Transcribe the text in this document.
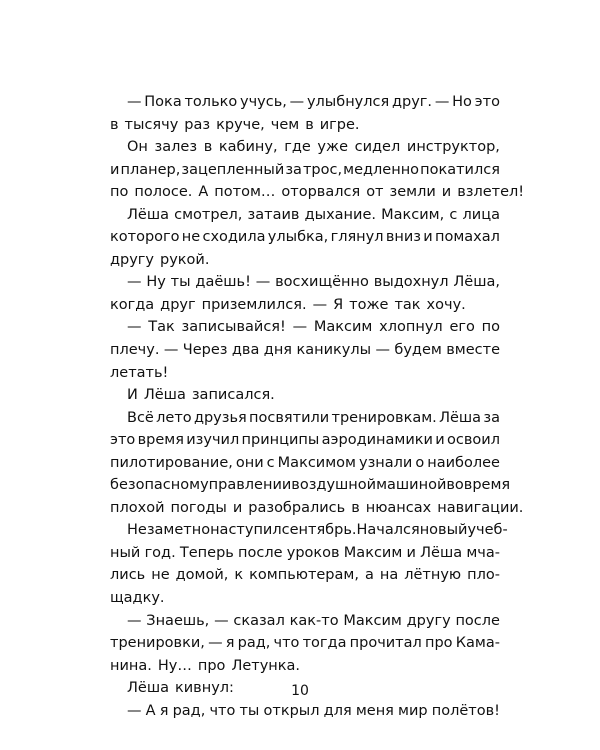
— Пока только учусь, — улыбнулся друг. — Но это
в тысячу раз круче, чем в игре.
Он залез в кабину, где уже сидел инструктор,
и планер, зацепленный за трос, медленно покатился
по полосе. А потом… оторвался от земли и взлетел!
Лёша смотрел, затаив дыхание. Максим, с лица
которого не сходила улыбка, глянул вниз и помахал
другу рукой.
— Ну ты даёшь! — восхищённо выдохнул Лёша,
когда друг приземлился. — Я тоже так хочу.
— Так записывайся! — Максим хлопнул его по
плечу. — Через два дня каникулы — будем вместе
летать!
И Лёша записался.
Всё лето друзья посвятили тренировкам. Лёша за
это время изучил принципы аэродинамики и освоил
пилотирование, они с Максимом узнали о наиболее
безопасном управлении воздушной машиной во время
плохой погоды и разобрались в нюансах навигации.
Незаметно наступил сентябрь. Начался новый учеб-
ный год. Теперь после уроков Максим и Лёша мча-
лись не домой, к компьютерам, а на лётную пло-
щадку.
— Знаешь, — сказал как-то Максим другу после
тренировки, — я рад, что тогда прочитал про Кама-
нина. Ну… про Летунка.
Лёша кивнул:
— А я рад, что ты открыл для меня мир полётов!
10
